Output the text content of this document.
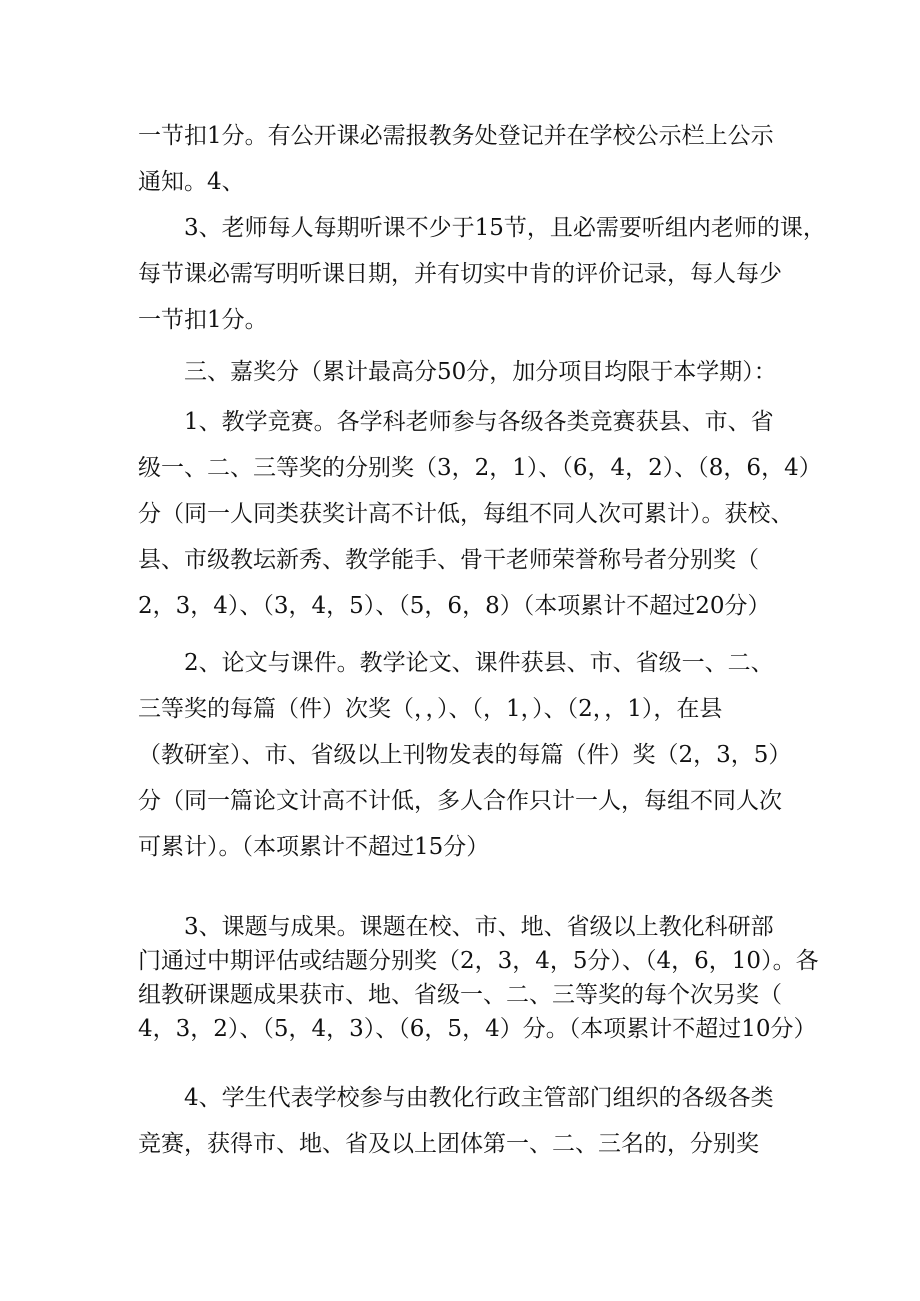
一节扣1分。有公开课必需报教务处登记并在学校公示栏上公示
通知。4、
3、老师每人每期听课不少于15节，且必需要听组内老师的课，
每节课必需写明听课日期，并有切实中肯的评价记录，每人每少
一节扣1分。
三、嘉奖分（累计最高分50分，加分项目均限于本学期）：
1、教学竞赛。各学科老师参与各级各类竞赛获县、市、省
级一、二、三等奖的分别奖（3，2，1）、（6，4，2）、（8，6，4）
分（同一人同类获奖计高不计低，每组不同人次可累计）。获校、
县、市级教坛新秀、教学能手、骨干老师荣誉称号者分别奖（
2，3，4）、（3，4，5）、（5，6，8）（本项累计不超过20分）
2、论文与课件。教学论文、课件获县、市、省级一、二、
三等奖的每篇（件）次奖（，，）、（，1，）、（2，，1），在县
（教研室）、市、省级以上刊物发表的每篇（件）奖（2，3，5）
分（同一篇论文计高不计低，多人合作只计一人，每组不同人次
可累计）。（本项累计不超过15分）
3、课题与成果。课题在校、市、地、省级以上教化科研部
门通过中期评估或结题分别奖（2，3，4，5分）、（4，6，10）。各
组教研课题成果获市、地、省级一、二、三等奖的每个次另奖（
4，3，2）、（5，4，3）、（6，5，4）分。（本项累计不超过10分）
4、学生代表学校参与由教化行政主管部门组织的各级各类
竞赛，获得市、地、省及以上团体第一、二、三名的，分别奖
